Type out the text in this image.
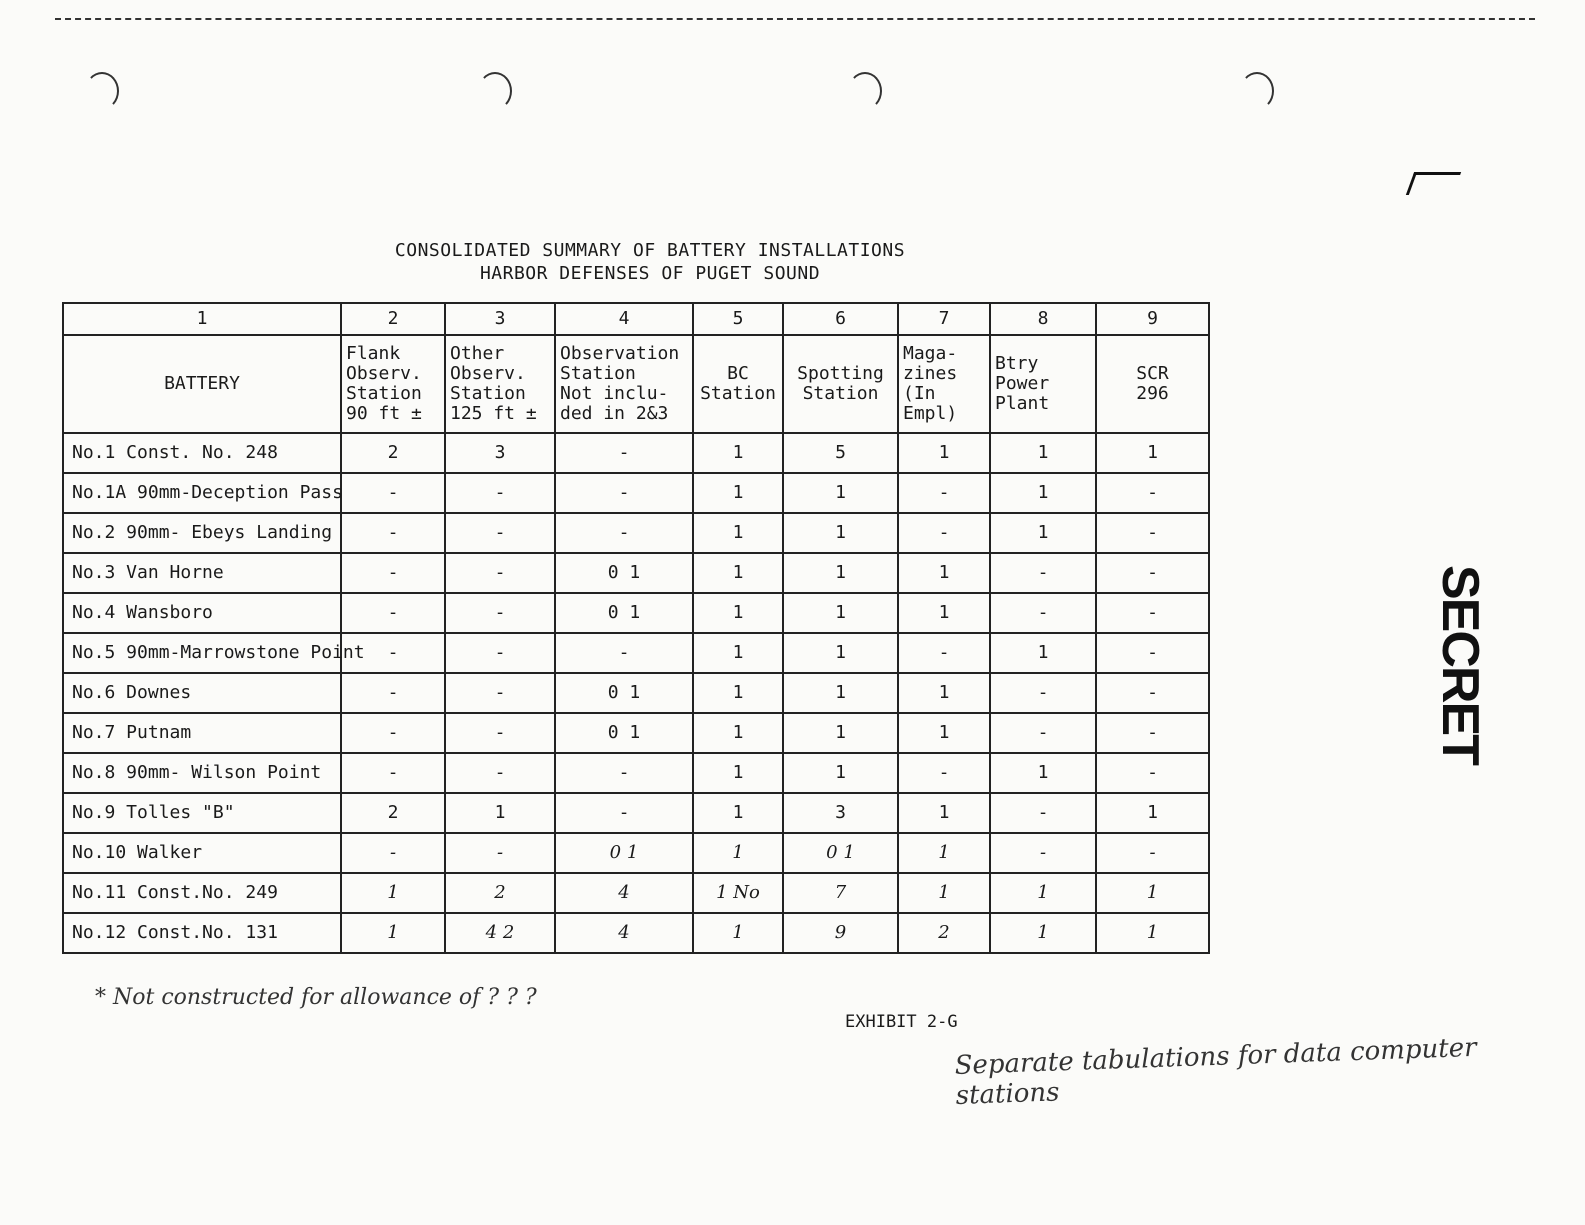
CONSOLIDATED SUMMARY OF BATTERY INSTALLATIONS
HARBOR DEFENSES OF PUGET SOUND
1	2	3	4	5	6	7	8	9

BATTERY	Flank
Observ.
Station
90 ft ±	Other
Observ.
Station
125 ft ±	Observation
Station
Not inclu-
ded in 2&3	BC
Station	Spotting
Station	Maga-
zines
(In Empl)	Btry
Power
Plant	SCR
296

No.1 Const. No. 248	2	3	-	1	5	1	1	1
No.1A 90mm-Deception Pass	-	-	-	1	1	-	1	-
No.2 90mm- Ebeys Landing	-	-	-	1	1	-	1	-
No.3 Van Horne	-	-	0 1	1	1	1	-	-
No.4 Wansboro	-	-	0 1	1	1	1	-	-
No.5 90mm-Marrowstone Point	-	-	-	1	1	-	1	-
No.6 Downes	-	-	0 1	1	1	1	-	-
No.7 Putnam	-	-	0 1	1	1	1	-	-
No.8 90mm- Wilson Point	-	-	-	1	1	-	1	-
No.9 Tolles "B"	2	1	-	1	3	1	-	1
No.10 Walker	-	-	0 1	1	0 1	1	-	-
No.11 Const.No. 249	1	2	4	1 No	7	1	1	1
No.12 Const.No. 131	1	4 2	4	1	9	2	1	1
SECRET
* Not constructed for allowance of ? ? ?
EXHIBIT 2-G
Separate tabulations for data computer stations
